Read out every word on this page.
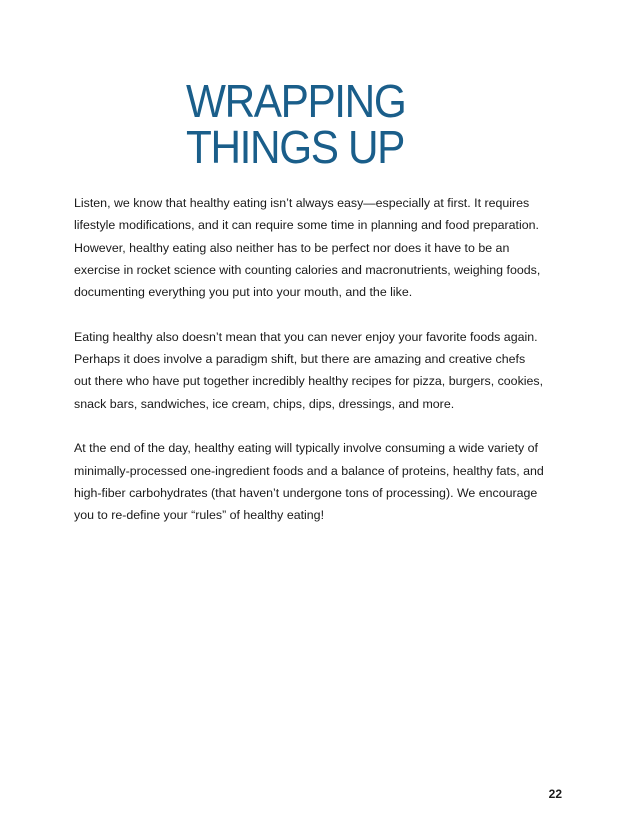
WRAPPING
THINGS UP
Listen, we know that healthy eating isn’t always easy—especially at first. It requires
lifestyle modifications, and it can require some time in planning and food preparation.
However, healthy eating also neither has to be perfect nor does it have to be an
exercise in rocket science with counting calories and macronutrients, weighing foods,
documenting everything you put into your mouth, and the like.
Eating healthy also doesn’t mean that you can never enjoy your favorite foods again.
Perhaps it does involve a paradigm shift, but there are amazing and creative chefs
out there who have put together incredibly healthy recipes for pizza, burgers, cookies,
snack bars, sandwiches, ice cream, chips, dips, dressings, and more.
At the end of the day, healthy eating will typically involve consuming a wide variety of
minimally-processed one-ingredient foods and a balance of proteins, healthy fats, and
high-fiber carbohydrates (that haven’t undergone tons of processing). We encourage
you to re-define your “rules” of healthy eating!
22
